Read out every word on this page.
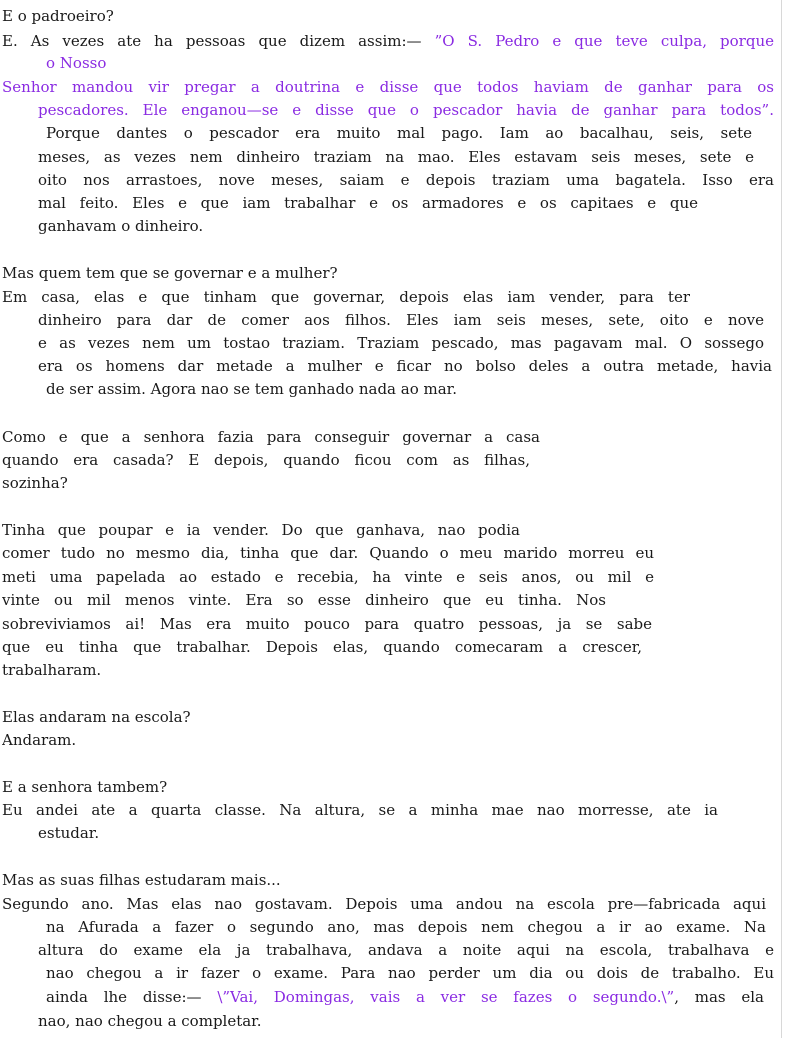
E o padroeiro?
E. As vezes ate ha pessoas que dizem assim:— ”O S. Pedro e que teve culpa, porque
o Nosso
Senhor mandou vir pregar a doutrina e disse que todos haviam de ganhar para os
pescadores. Ele enganou—se e disse que o pescador havia de ganhar para todos”.
Porque dantes o pescador era muito mal pago. Iam ao bacalhau, seis, sete
meses, as vezes nem dinheiro traziam na mao. Eles estavam seis meses, sete e
oito nos arrastoes, nove meses, saiam e depois traziam uma bagatela. Isso era
mal feito. Eles e que iam trabalhar e os armadores e os capitaes e que
ganhavam o dinheiro.
Mas quem tem que se governar e a mulher?
Em casa, elas e que tinham que governar, depois elas iam vender, para ter
dinheiro para dar de comer aos filhos. Eles iam seis meses, sete, oito e nove
e as vezes nem um tostao traziam. Traziam pescado, mas pagavam mal. O sossego
era os homens dar metade a mulher e ficar no bolso deles a outra metade, havia
de ser assim. Agora nao se tem ganhado nada ao mar.
Como e que a senhora fazia para conseguir governar a casa
quando era casada? E depois, quando ficou com as filhas,
sozinha?
Tinha que poupar e ia vender. Do que ganhava, nao podia
comer tudo no mesmo dia, tinha que dar. Quando o meu marido morreu eu
meti uma papelada ao estado e recebia, ha vinte e seis anos, ou mil e
vinte ou mil menos vinte. Era so esse dinheiro que eu tinha. Nos
sobreviviamos ai! Mas era muito pouco para quatro pessoas, ja se sabe
que eu tinha que trabalhar. Depois elas, quando comecaram a crescer,
trabalharam.
Elas andaram na escola?
Andaram.
E a senhora tambem?
Eu andei ate a quarta classe. Na altura, se a minha mae nao morresse, ate ia
estudar.
Mas as suas filhas estudaram mais...
Segundo ano. Mas elas nao gostavam. Depois uma andou na escola pre—fabricada aqui
na Afurada a fazer o segundo ano, mas depois nem chegou a ir ao exame. Na
altura do exame ela ja trabalhava, andava a noite aqui na escola, trabalhava e
nao chegou a ir fazer o exame. Para nao perder um dia ou dois de trabalho. Eu
ainda lhe disse:— \”Vai, Domingas, vais a ver se fazes o segundo.\”, mas ela
nao, nao chegou a completar.
